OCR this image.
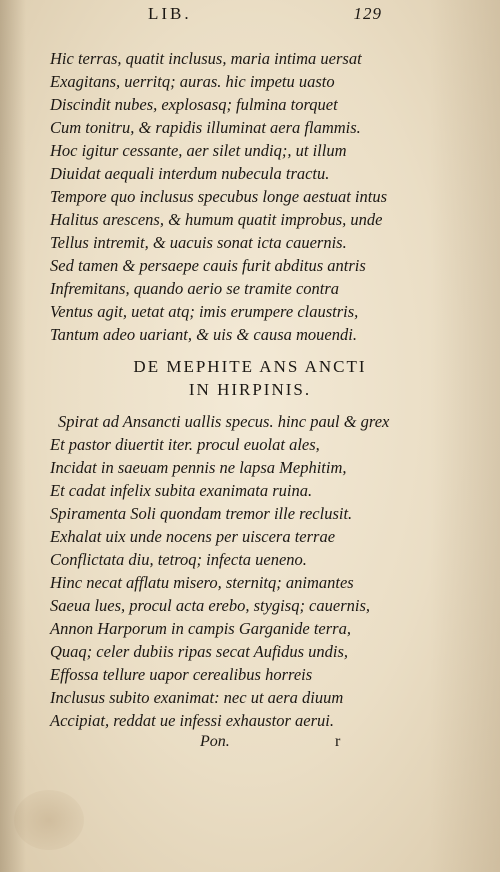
LIB.	129
Hic terras, quatit inclusus, maria intima uersat
Exagitans, uerritq; auras. hic impetu uasto
Discindit nubes, explosasq; fulmina torquet
Cum tonitru, & rapidis illuminat aera flammis.
Hoc igitur cessante, aer silet undiq;, ut illum
Diuidat aequali interdum nubecula tractu.
Tempore quo inclusus specubus longe aestuat intus
Halitus arescens, & humum quatit improbus, unde
Tellus intremit, & uacuis sonat icta cauernis.
Sed tamen & persaepe cauis furit abditus antris
Infremitans, quando aerio se tramite contra
Ventus agit, uetat atq; imis erumpere claustris,
Tantum adeo uariant, & uis & causa mouendi.
DE MEPHITE ANS ANCTI
IN HIRPINIS.
Spirat ad Ansancti uallis specus. hinc paul & grex
Et pastor diuertit iter. procul euolat ales,
Incidat in saeuam pennis ne lapsa Mephitim,
Et cadat infelix subita exanimata ruina.
Spiramenta Soli quondam tremor ille reclusit.
Exhalat uix unde nocens per uiscera terrae
Conflictata diu, tetroq; infecta ueneno.
Hinc necat afflatu misero, sternitq; animantes
Saeua lues, procul acta erebo, stygisq; cauernis,
Annon Harporum in campis Garganide terra,
Quaq; celer dubiis ripas secat Aufidus undis,
Effossa tellure uapor cerealibus horreis
Inclusus subito exanimat: nec ut aera diuum
Accipiat, reddat ue infessi exhaustor aerui.
Pon.	r
